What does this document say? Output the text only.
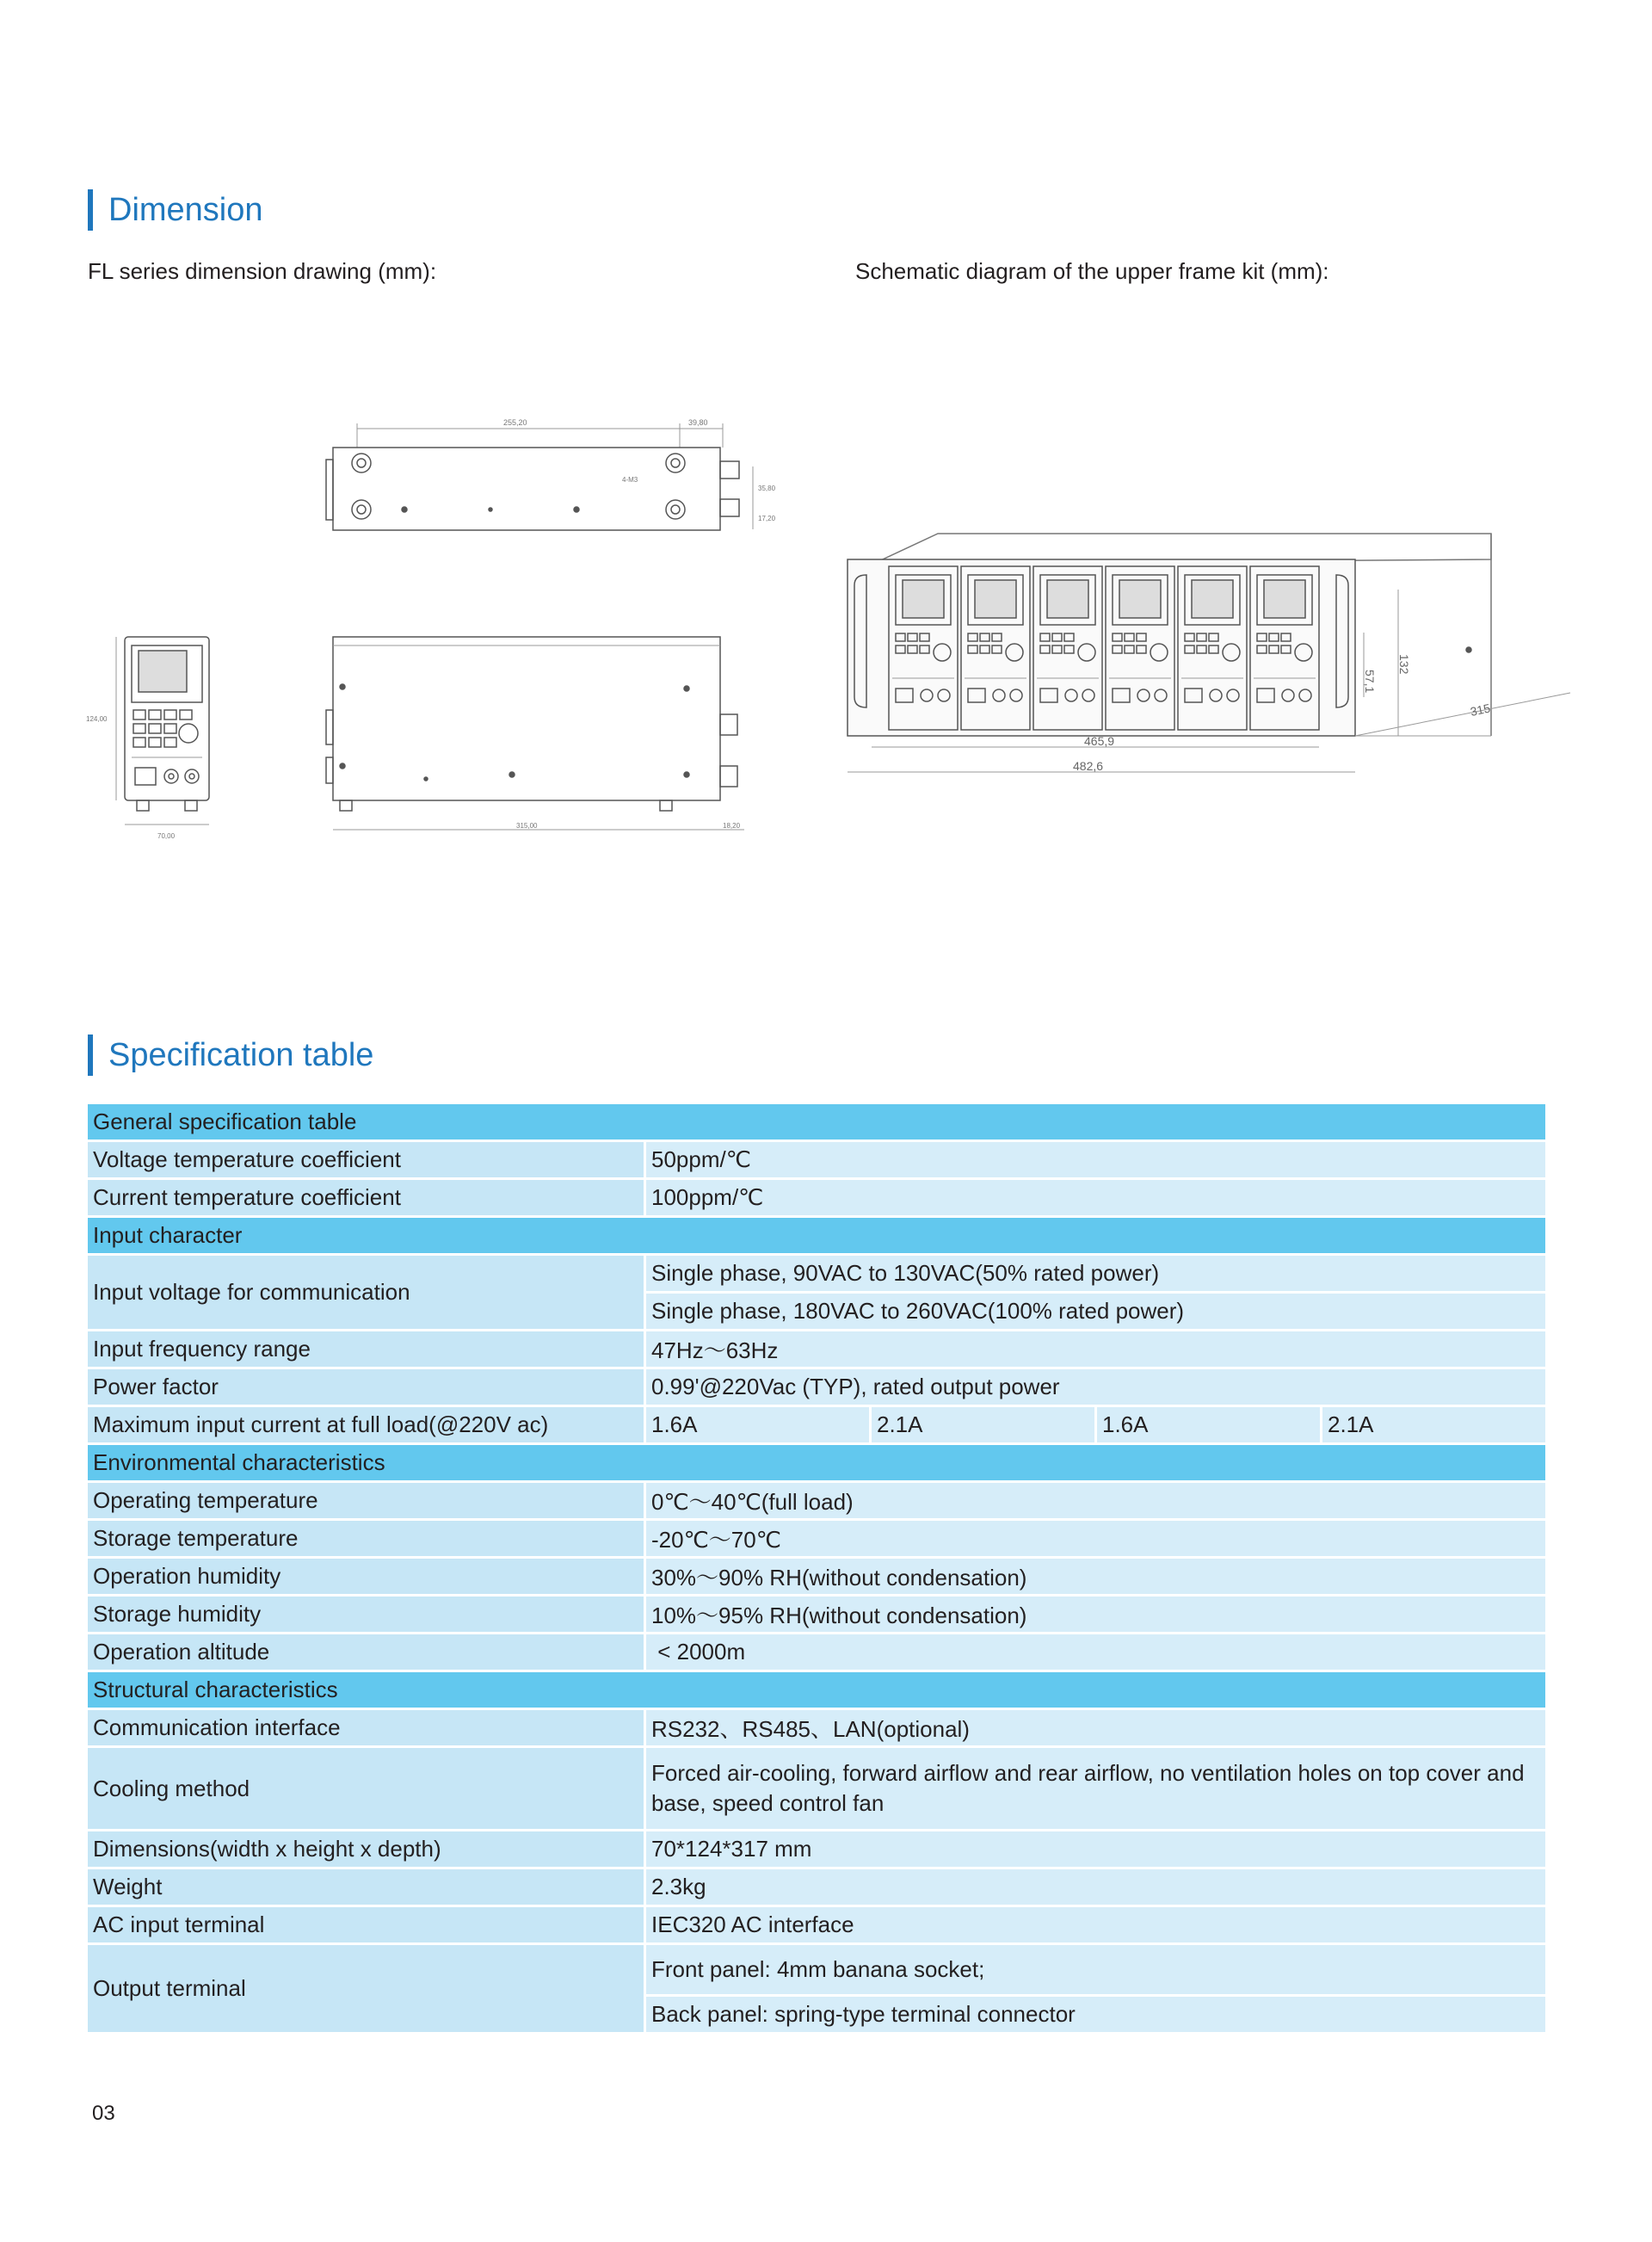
Dimension
FL series dimension drawing (mm):	Schematic diagram of the upper frame kit (mm):
255,20	39,80
4-M3
35,80
17,20
124,00
70,00
315,00	18,20
465,9
482,6
57,1
132
315
Specification table
General specification table				
Voltage temperature coefficient	50ppm/℃			
Current temperature coefficient	100ppm/℃			
Input character				
Input voltage for communication	Single phase, 90VAC to 130VAC(50% rated power)			
	Single phase, 180VAC to 260VAC(100% rated power)			
Input frequency range	47Hz～63Hz			
Power factor	0.99'@220Vac (TYP), rated output power			
Maximum input current at full load(@220V ac)	1.6A	2.1A	1.6A	2.1A
Environmental characteristics				
Operating temperature	0℃～40℃(full load)			
Storage temperature	-20℃～70℃			
Operation humidity	30%～90% RH(without condensation)			
Storage humidity	10%～95% RH(without condensation)			
Operation altitude	< 2000m			
Structural characteristics				
Communication interface	RS232、RS485、LAN(optional)			
Cooling method	Forced air-cooling, forward airflow and rear airflow, no ventilation holes on top cover and base, speed control fan			
Dimensions(width x height x depth)	70*124*317 mm			
Weight	2.3kg			
AC input terminal	IEC320 AC interface			
Output terminal	Front panel: 4mm banana socket;			
	Back panel: spring-type terminal connector			
03
